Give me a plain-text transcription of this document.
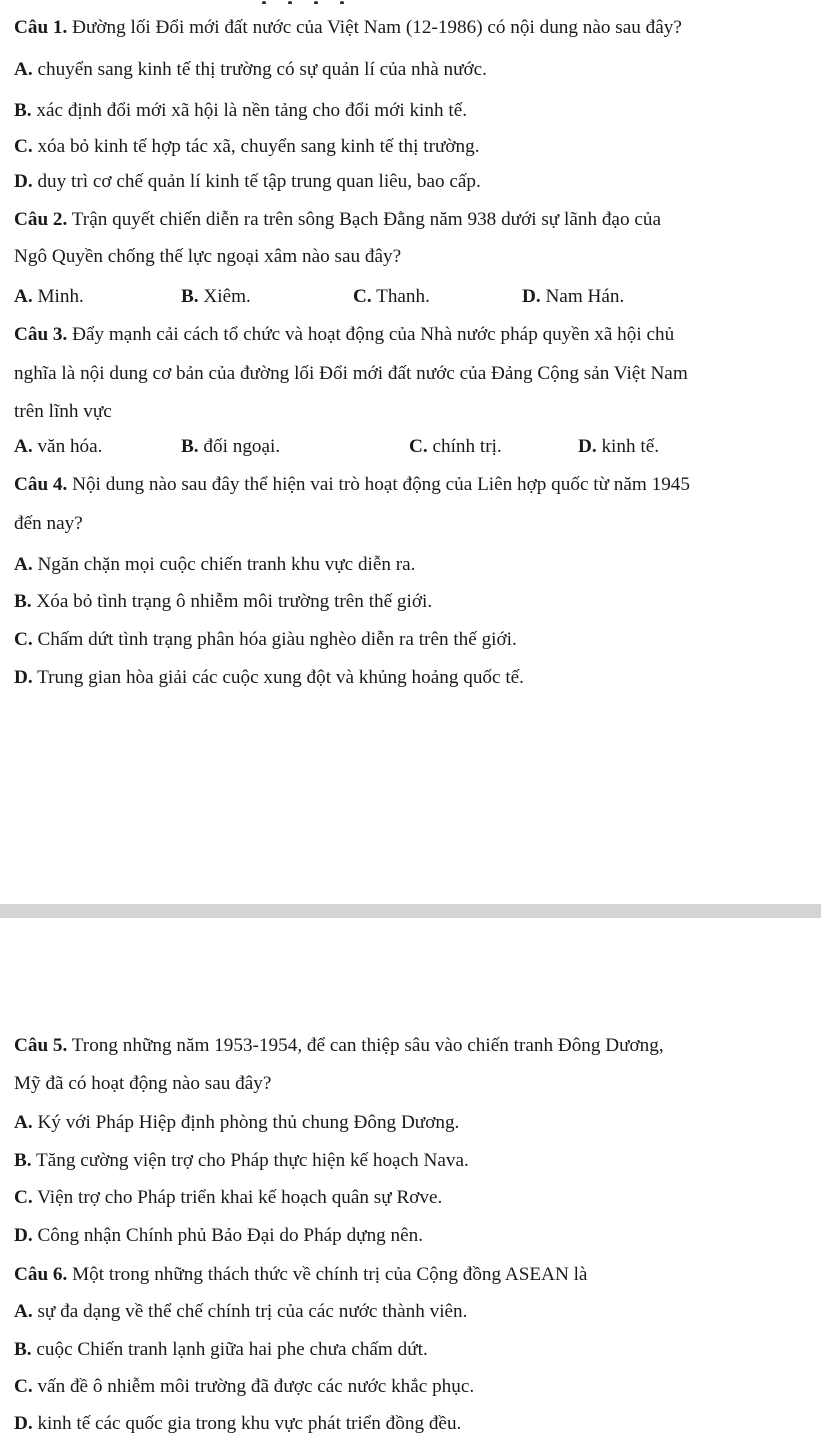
Câu 1. Đường lối Đổi mới đất nước của Việt Nam (12-1986) có nội dung nào sau đây?
A. chuyển sang kinh tế thị trường có sự quản lí của nhà nước.
B. xác định đổi mới xã hội là nền tảng cho đổi mới kinh tế.
C. xóa bỏ kinh tế hợp tác xã, chuyển sang kinh tế thị trường.
D. duy trì cơ chế quản lí kinh tế tập trung quan liêu, bao cấp.
Câu 2. Trận quyết chiến diễn ra trên sông Bạch Đằng năm 938 dưới sự lãnh đạo của
Ngô Quyền chống thế lực ngoại xâm nào sau đây?
A. Minh.	B. Xiêm.	C. Thanh.	D. Nam Hán.
Câu 3. Đẩy mạnh cải cách tổ chức và hoạt động của Nhà nước pháp quyền xã hội chủ
nghĩa là nội dung cơ bản của đường lối Đổi mới đất nước của Đảng Cộng sản Việt Nam
trên lĩnh vực
A. văn hóa.	B. đối ngoại.	C. chính trị.	D. kinh tế.
Câu 4. Nội dung nào sau đây thể hiện vai trò hoạt động của Liên hợp quốc từ năm 1945
đến nay?
A. Ngăn chặn mọi cuộc chiến tranh khu vực diễn ra.
B. Xóa bỏ tình trạng ô nhiễm môi trường trên thế giới.
C. Chấm dứt tình trạng phân hóa giàu nghèo diễn ra trên thế giới.
D. Trung gian hòa giải các cuộc xung đột và khủng hoảng quốc tế.
Câu 5. Trong những năm 1953-1954, để can thiệp sâu vào chiến tranh Đông Dương,
Mỹ đã có hoạt động nào sau đây?
A. Ký với Pháp Hiệp định phòng thủ chung Đông Dương.
B. Tăng cường viện trợ cho Pháp thực hiện kế hoạch Nava.
C. Viện trợ cho Pháp triển khai kế hoạch quân sự Rơve.
D. Công nhận Chính phủ Bảo Đại do Pháp dựng nên.
Câu 6. Một trong những thách thức về chính trị của Cộng đồng ASEAN là
A. sự đa dạng về thể chế chính trị của các nước thành viên.
B. cuộc Chiến tranh lạnh giữa hai phe chưa chấm dứt.
C. vấn đề ô nhiễm môi trường đã được các nước khắc phục.
D. kinh tế các quốc gia trong khu vực phát triển đồng đều.
